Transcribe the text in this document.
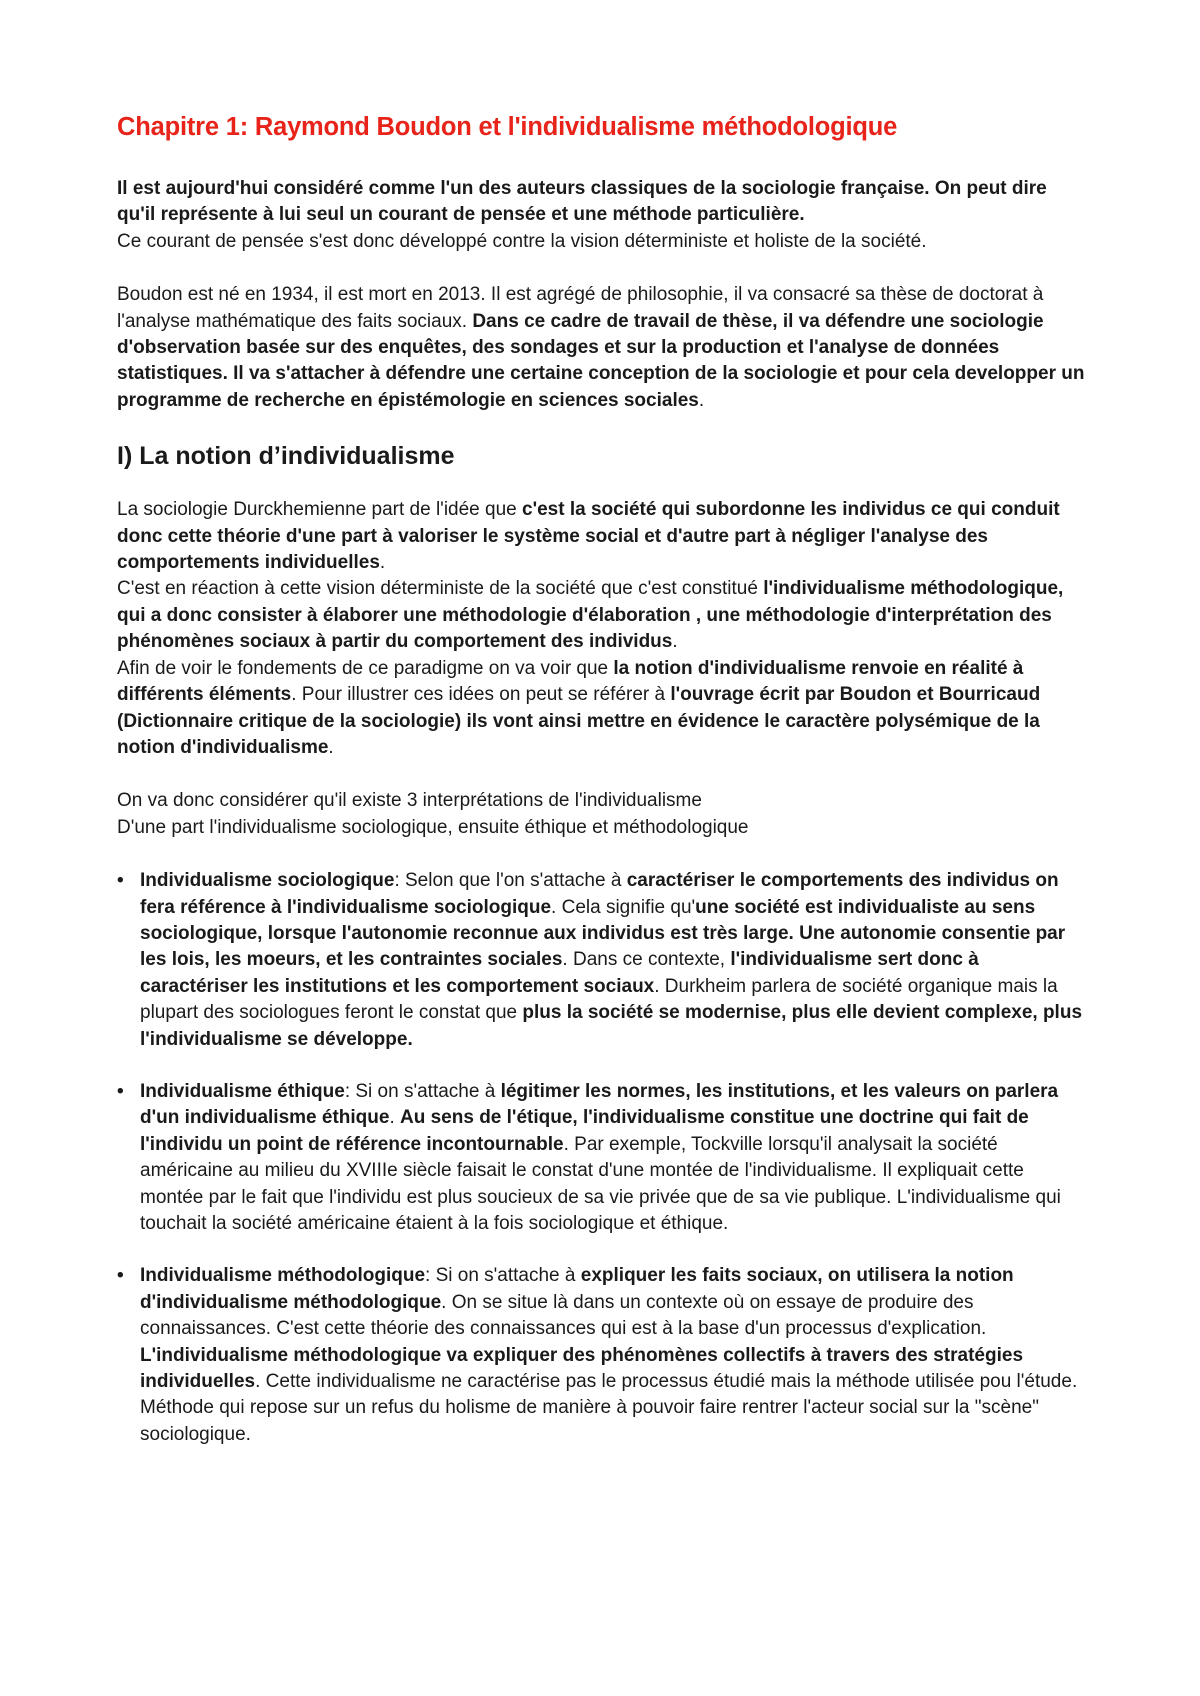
Chapitre 1: Raymond Boudon et l'individualisme méthodologique

Il est aujourd'hui considéré comme l'un des auteurs classiques de la sociologie française. On peut dire qu'il représente à lui seul un courant de pensée et une méthode particulière.
Ce courant de pensée s'est donc développé contre la vision déterministe et holiste de la société.

Boudon est né en 1934, il est mort en 2013. Il est agrégé de philosophie, il va consacré sa thèse de doctorat à l'analyse mathématique des faits sociaux. Dans ce cadre de travail de thèse, il va défendre une sociologie d'observation basée sur des enquêtes, des sondages et sur la production et l'analyse de données statistiques. Il va s'attacher à défendre une certaine conception de la sociologie et pour cela developper un programme de recherche en épistémologie en sciences sociales.

I) La notion d’individualisme

La sociologie Durckhemienne part de l'idée que c'est la société qui subordonne les individus ce qui conduit donc cette théorie d'une part à valoriser le système social et d'autre part à négliger l'analyse des comportements individuelles.
C'est en réaction à cette vision déterministe de la société que c'est constitué l'individualisme méthodologique, qui a donc consister à élaborer une méthodologie d'élaboration , une méthodologie d'interprétation des phénomènes sociaux à partir du comportement des individus.
Afin de voir le fondements de ce paradigme on va voir que la notion d'individualisme renvoie en réalité à différents éléments. Pour illustrer ces idées on peut se référer à l'ouvrage écrit par Boudon et Bourricaud (Dictionnaire critique de la sociologie) ils vont ainsi mettre en évidence le caractère polysémique de la notion d'individualisme.

On va donc considérer qu'il existe 3 interprétations de l'individualisme
D'une part l'individualisme sociologique, ensuite éthique et méthodologique

• Individualisme sociologique: Selon que l'on s'attache à caractériser le comportements des individus on fera référence à l'individualisme sociologique. Cela signifie qu'une société est individualiste au sens sociologique, lorsque l'autonomie reconnue aux individus est très large. Une autonomie consentie par les lois, les moeurs, et les contraintes sociales. Dans ce contexte, l'individualisme sert donc à caractériser les institutions et les comportement sociaux. Durkheim parlera de société organique mais la plupart des sociologues feront le constat que plus la société se modernise, plus elle devient complexe, plus l'individualisme se développe.
• Individualisme éthique: Si on s'attache à légitimer les normes, les institutions, et les valeurs on parlera d'un individualisme éthique. Au sens de l'étique, l'individualisme constitue une doctrine qui fait de l'individu un point de référence incontournable. Par exemple, Tockville lorsqu'il analysait la société américaine au milieu du XVIIIe siècle faisait le constat d'une montée de l'individualisme. Il expliquait cette montée par le fait que l'individu est plus soucieux de sa vie privée que de sa vie publique. L'individualisme qui touchait la société américaine étaient à la fois sociologique et éthique.
• Individualisme méthodologique: Si on s'attache à expliquer les faits sociaux, on utilisera la notion d'individualisme méthodologique. On se situe là dans un contexte où on essaye de produire des connaissances. C'est cette théorie des connaissances qui est à la base d'un processus d'explication. L'individualisme méthodologique va expliquer des phénomènes collectifs à travers des stratégies individuelles. Cette individualisme ne caractérise pas le processus étudié mais la méthode utilisée pou l'étude. Méthode qui repose sur un refus du holisme de manière à pouvoir faire rentrer l'acteur social sur la "scène" sociologique.
